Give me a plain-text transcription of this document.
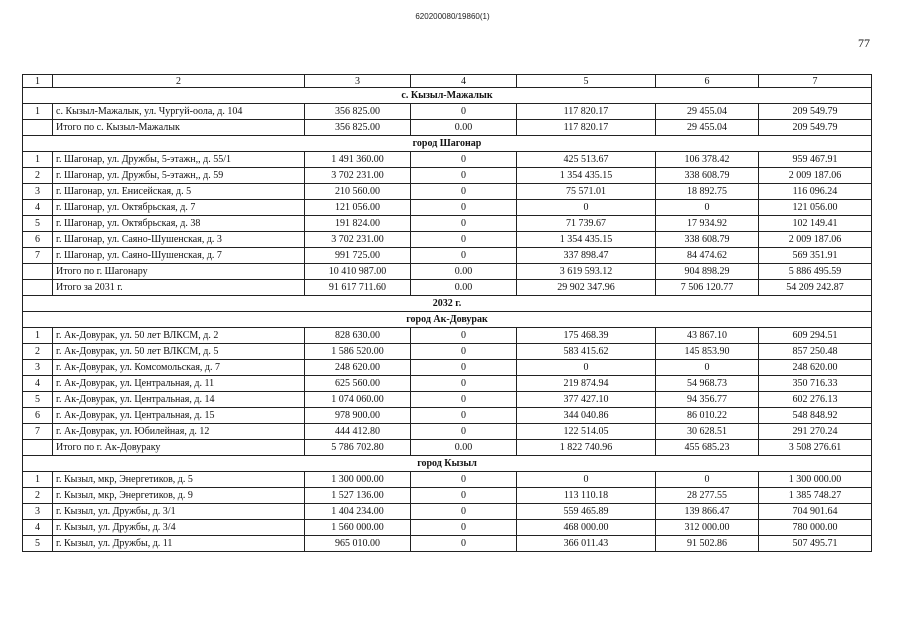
620200080/19860(1)
77
1	2	3	4	5	6	7
с. Кызыл-Мажалык						
1	с. Кызыл-Мажалык, ул. Чургуй-оола, д. 104	356 825.00	0	117 820.17	29 455.04	209 549.79
	Итого по с. Кызыл-Мажалык	356 825.00	0.00	117 820.17	29 455.04	209 549.79
город Шагонар						
1	г. Шагонар, ул. Дружбы, 5-этажн,, д. 55/1	1 491 360.00	0	425 513.67	106 378.42	959 467.91
2	г. Шагонар, ул. Дружбы, 5-этажн,, д. 59	3 702 231.00	0	1 354 435.15	338 608.79	2 009 187.06
3	г. Шагонар, ул. Енисейская, д. 5	210 560.00	0	75 571.01	18 892.75	116 096.24
4	г. Шагонар, ул. Октябрьская, д. 7	121 056.00	0	0	0	121 056.00
5	г. Шагонар, ул. Октябрьская, д. 38	191 824.00	0	71 739.67	17 934.92	102 149.41
6	г. Шагонар, ул. Саяно-Шушенская, д. 3	3 702 231.00	0	1 354 435.15	338 608.79	2 009 187.06
7	г. Шагонар, ул. Саяно-Шушенская, д. 7	991 725.00	0	337 898.47	84 474.62	569 351.91
	Итого по г. Шагонару	10 410 987.00	0.00	3 619 593.12	904 898.29	5 886 495.59
	Итого за 2031 г.	91 617 711.60	0.00	29 902 347.96	7 506 120.77	54 209 242.87
2032 г.						
город Ак-Довурак						
1	г. Ак-Довурак, ул. 50 лет ВЛКСМ, д. 2	828 630.00	0	175 468.39	43 867.10	609 294.51
2	г. Ак-Довурак, ул. 50 лет ВЛКСМ, д. 5	1 586 520.00	0	583 415.62	145 853.90	857 250.48
3	г. Ак-Довурак, ул. Комсомольская, д. 7	248 620.00	0	0	0	248 620.00
4	г. Ак-Довурак, ул. Центральная, д. 11	625 560.00	0	219 874.94	54 968.73	350 716.33
5	г. Ак-Довурак, ул. Центральная, д. 14	1 074 060.00	0	377 427.10	94 356.77	602 276.13
6	г. Ак-Довурак, ул. Центральная, д. 15	978 900.00	0	344 040.86	86 010.22	548 848.92
7	г. Ак-Довурак, ул. Юбилейная, д. 12	444 412.80	0	122 514.05	30 628.51	291 270.24
	Итого по г. Ак-Довураку	5 786 702.80	0.00	1 822 740.96	455 685.23	3 508 276.61
город Кызыл						
1	г. Кызыл, мкр, Энергетиков, д. 5	1 300 000.00	0	0	0	1 300 000.00
2	г. Кызыл, мкр, Энергетиков, д. 9	1 527 136.00	0	113 110.18	28 277.55	1 385 748.27
3	г. Кызыл, ул. Дружбы, д. 3/1	1 404 234.00	0	559 465.89	139 866.47	704 901.64
4	г. Кызыл, ул. Дружбы, д. 3/4	1 560 000.00	0	468 000.00	312 000.00	780 000.00
5	г. Кызыл, ул. Дружбы, д. 11	965 010.00	0	366 011.43	91 502.86	507 495.71
